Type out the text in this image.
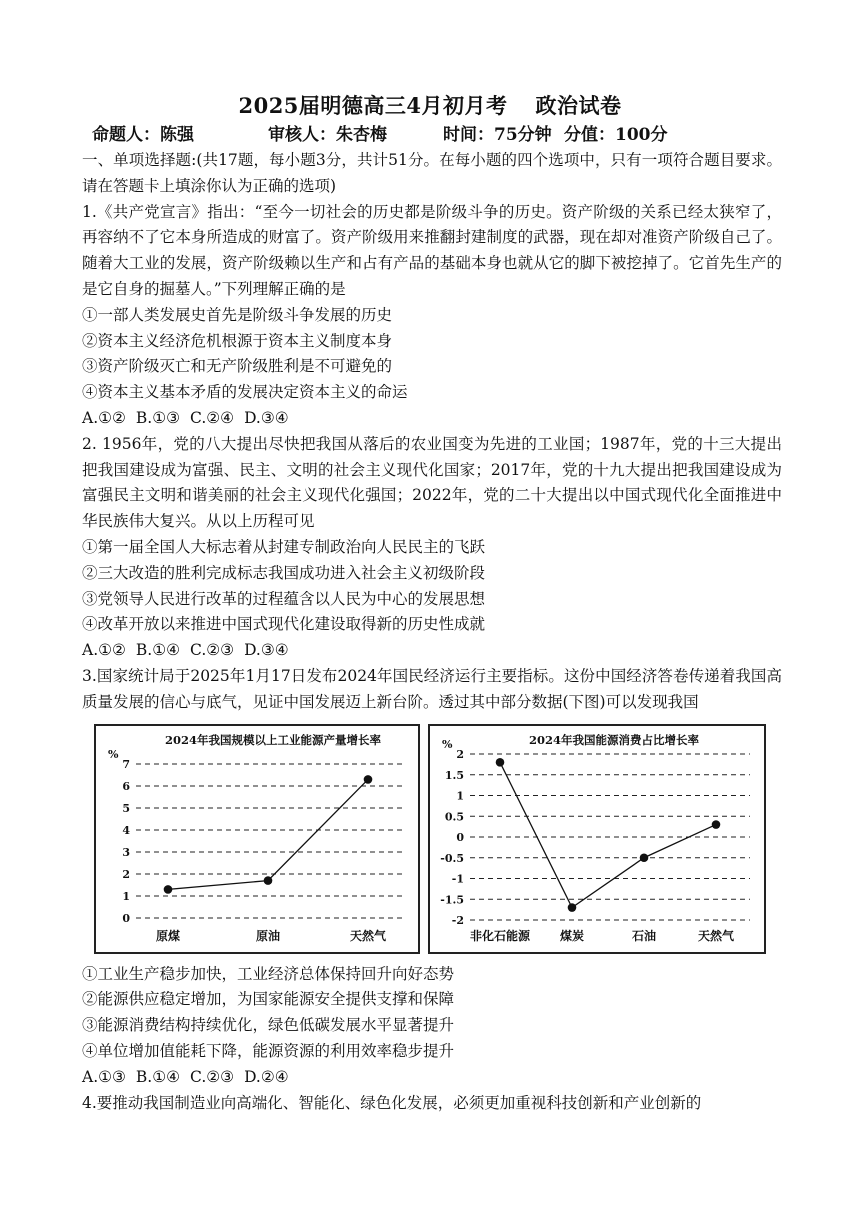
2025届明德高三4月初月考 政治试卷
命题人：陈强	审核人：朱杏梅	时间：75分钟 分值：100分

一、单项选择题:(共17题，每小题3分，共计51分。在每小题的四个选项中，只有一项符合题目要求。请在答题卡上填涂你认为正确的选项)

1.《共产党宣言》指出：“至今一切社会的历史都是阶级斗争的历史。资产阶级的关系已经太狭窄了，再容纳不了它本身所造成的财富了。资产阶级用来推翻封建制度的武器，现在却对准资产阶级自己了。随着大工业的发展，资产阶级赖以生产和占有产品的基础本身也就从它的脚下被挖掉了。它首先生产的是它自身的掘墓人。”下列理解正确的是

①一部人类发展史首先是阶级斗争发展的历史

②资本主义经济危机根源于资本主义制度本身

③资产阶级灭亡和无产阶级胜利是不可避免的

④资本主义基本矛盾的发展决定资本主义的命运

A.①② B.①③ C.②④ D.③④

2. 1956年，党的八大提出尽快把我国从落后的农业国变为先进的工业国；1987年，党的十三大提出把我国建设成为富强、民主、文明的社会主义现代化国家；2017年，党的十九大提出把我国建设成为富强民主文明和谐美丽的社会主义现代化强国；2022年，党的二十大提出以中国式现代化全面推进中华民族伟大复兴。从以上历程可见

①第一届全国人大标志着从封建专制政治向人民民主的飞跃

②三大改造的胜利完成标志我国成功进入社会主义初级阶段

③党领导人民进行改革的过程蕴含以人民为中心的发展思想

④改革开放以来推进中国式现代化建设取得新的历史性成就

A.①② B.①④ C.②③ D.③④

3.国家统计局于2025年1月17日发布2024年国民经济运行主要指标。这份中国经济答卷传递着我国高质量发展的信心与底气，见证中国发展迈上新台阶。透过其中部分数据(下图)可以发现我国

2024年我国规模以上工业能源产量增长率
%
0
1
2
3
4
5
6
7
原煤	原油	天然气
2024年我国能源消费占比增长率
%
2
1.5
1
0.5
0
-0.5
-1
-1.5
-2
非化石能源 煤炭	石油	天然气

①工业生产稳步加快，工业经济总体保持回升向好态势

②能源供应稳定增加，为国家能源安全提供支撑和保障

③能源消费结构持续优化，绿色低碳发展水平显著提升

④单位增加值能耗下降，能源资源的利用效率稳步提升

A.①③ B.①④ C.②③ D.②④

4.要推动我国制造业向高端化、智能化、绿色化发展，必须更加重视科技创新和产业创新的
